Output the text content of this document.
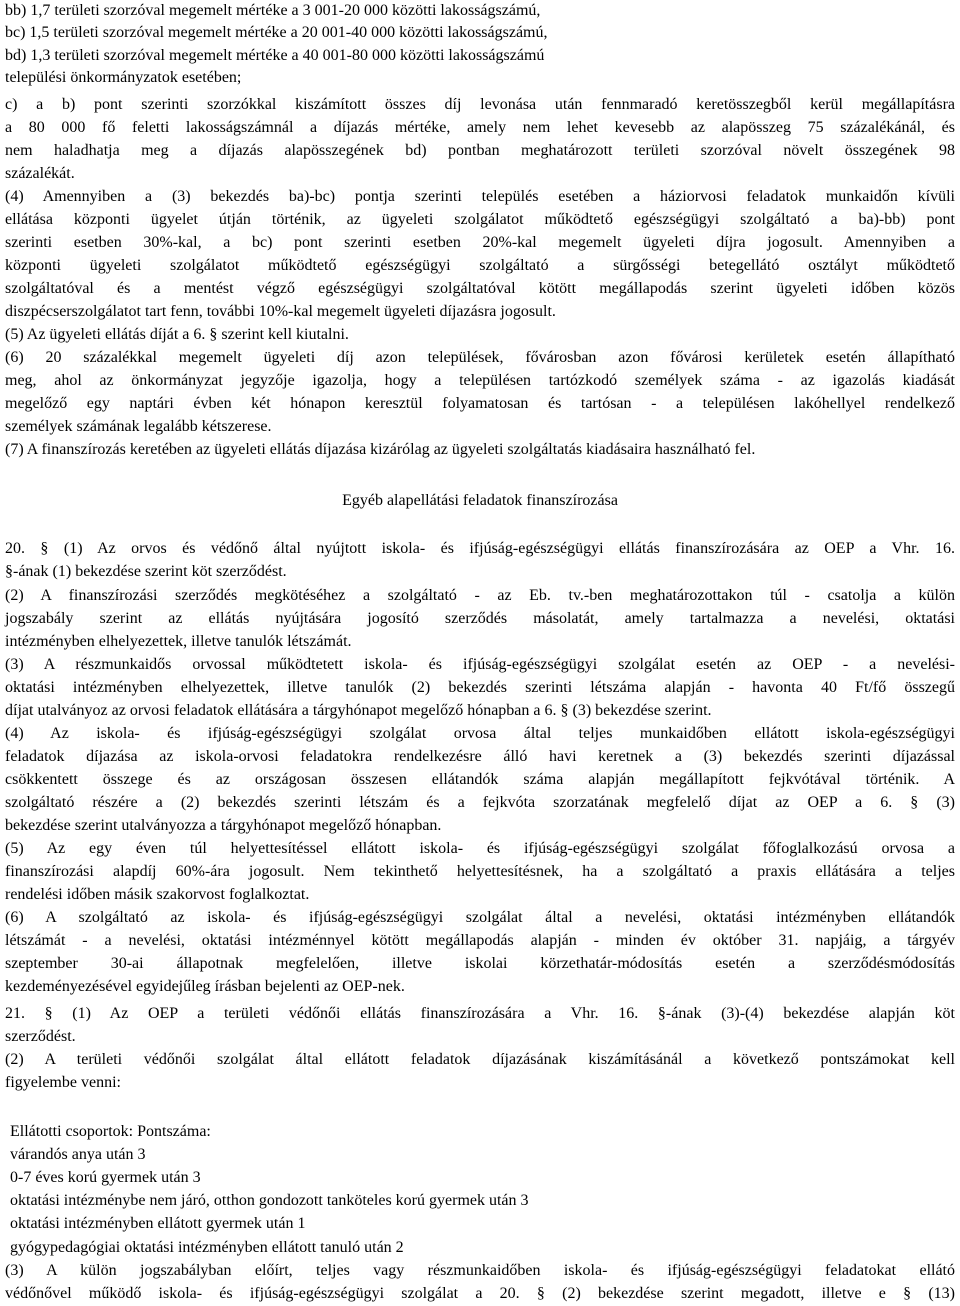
bb) 1,7 területi szorzóval megemelt mértéke a 3 001-20 000 közötti lakosságszámú,
bc) 1,5 területi szorzóval megemelt mértéke a 20 001-40 000 közötti lakosságszámú,
bd) 1,3 területi szorzóval megemelt mértéke a 40 001-80 000 közötti lakosságszámú
települési önkormányzatok esetében;
c) a b) pont szerinti szorzókkal kiszámított összes díj levonása után fennmaradó keretösszegből kerül megállapításra
a 80 000 fő feletti lakosságszámnál a díjazás mértéke, amely nem lehet kevesebb az alapösszeg 75 százalékánál, és
nem haladhatja meg a díjazás alapösszegének bd) pontban meghatározott területi szorzóval növelt összegének 98
százalékát.
(4) Amennyiben a (3) bekezdés ba)-bc) pontja szerinti település esetében a háziorvosi feladatok munkaidőn kívüli
ellátása központi ügyelet útján történik, az ügyeleti szolgálatot működtető egészségügyi szolgáltató a ba)-bb) pont
szerinti esetben 30%-kal, a bc) pont szerinti esetben 20%-kal megemelt ügyeleti díjra jogosult. Amennyiben a
központi ügyeleti szolgálatot működtető egészségügyi szolgáltató a sürgősségi betegellátó osztályt működtető
szolgáltatóval és a mentést végző egészségügyi szolgáltatóval kötött megállapodás szerint ügyeleti időben közös
diszpécserszolgálatot tart fenn, további 10%-kal megemelt ügyeleti díjazásra jogosult.
(5) Az ügyeleti ellátás díját a 6. § szerint kell kiutalni.
(6) 20 százalékkal megemelt ügyeleti díj azon települések, fővárosban azon fővárosi kerületek esetén állapítható
meg, ahol az önkormányzat jegyzője igazolja, hogy a településen tartózkodó személyek száma - az igazolás kiadását
megelőző egy naptári évben két hónapon keresztül folyamatosan és tartósan - a településen lakóhellyel rendelkező
személyek számának legalább kétszerese.
(7) A finanszírozás keretében az ügyeleti ellátás díjazása kizárólag az ügyeleti szolgáltatás kiadásaira használható fel.
Egyéb alapellátási feladatok finanszírozása
20. § (1) Az orvos és védőnő által nyújtott iskola- és ifjúság-egészségügyi ellátás finanszírozására az OEP a Vhr. 16.
§-ának (1) bekezdése szerint köt szerződést.
(2) A finanszírozási szerződés megkötéséhez a szolgáltató - az Eb. tv.-ben meghatározottakon túl - csatolja a külön
jogszabály szerint az ellátás nyújtására jogosító szerződés másolatát, amely tartalmazza a nevelési, oktatási
intézményben elhelyezettek, illetve tanulók létszámát.
(3) A részmunkaidős orvossal működtetett iskola- és ifjúság-egészségügyi szolgálat esetén az OEP - a nevelési-
oktatási intézményben elhelyezettek, illetve tanulók (2) bekezdés szerinti létszáma alapján - havonta 40 Ft/fő összegű
díjat utalványoz az orvosi feladatok ellátására a tárgyhónapot megelőző hónapban a 6. § (3) bekezdése szerint.
(4) Az iskola- és ifjúság-egészségügyi szolgálat orvosa által teljes munkaidőben ellátott iskola-egészségügyi
feladatok díjazása az iskola-orvosi feladatokra rendelkezésre álló havi keretnek a (3) bekezdés szerinti díjazással
csökkentett összege és az országosan összesen ellátandók száma alapján megállapított fejkvótával történik. A
szolgáltató részére a (2) bekezdés szerinti létszám és a fejkvóta szorzatának megfelelő díjat az OEP a 6. § (3)
bekezdése szerint utalványozza a tárgyhónapot megelőző hónapban.
(5) Az egy éven túl helyettesítéssel ellátott iskola- és ifjúság-egészségügyi szolgálat főfoglalkozású orvosa a
finanszírozási alapdíj 60%-ára jogosult. Nem tekinthető helyettesítésnek, ha a szolgáltató a praxis ellátására a teljes
rendelési időben másik szakorvost foglalkoztat.
(6) A szolgáltató az iskola- és ifjúság-egészségügyi szolgálat által a nevelési, oktatási intézményben ellátandók
létszámát - a nevelési, oktatási intézménnyel kötött megállapodás alapján - minden év október 31. napjáig, a tárgyév
szeptember 30-ai állapotnak megfelelően, illetve iskolai körzethatár-módosítás esetén a szerződésmódosítás
kezdeményezésével egyidejűleg írásban bejelenti az OEP-nek.
21. § (1) Az OEP a területi védőnői ellátás finanszírozására a Vhr. 16. §-ának (3)-(4) bekezdése alapján köt
szerződést.
(2) A területi védőnői szolgálat által ellátott feladatok díjazásának kiszámításánál a következő pontszámokat kell
figyelembe venni:
Ellátotti csoportok: Pontszáma:
várandós anya után 3
0-7 éves korú gyermek után 3
oktatási intézménybe nem járó, otthon gondozott tanköteles korú gyermek után 3
oktatási intézményben ellátott gyermek után 1
gyógypedagógiai oktatási intézményben ellátott tanuló után 2
(3) A külön jogszabályban előírt, teljes vagy részmunkaidőben iskola- és ifjúság-egészségügyi feladatokat ellátó
védőnővel működő iskola- és ifjúság-egészségügyi szolgálat a 20. § (2) bekezdése szerint megadott, illetve e § (13)
